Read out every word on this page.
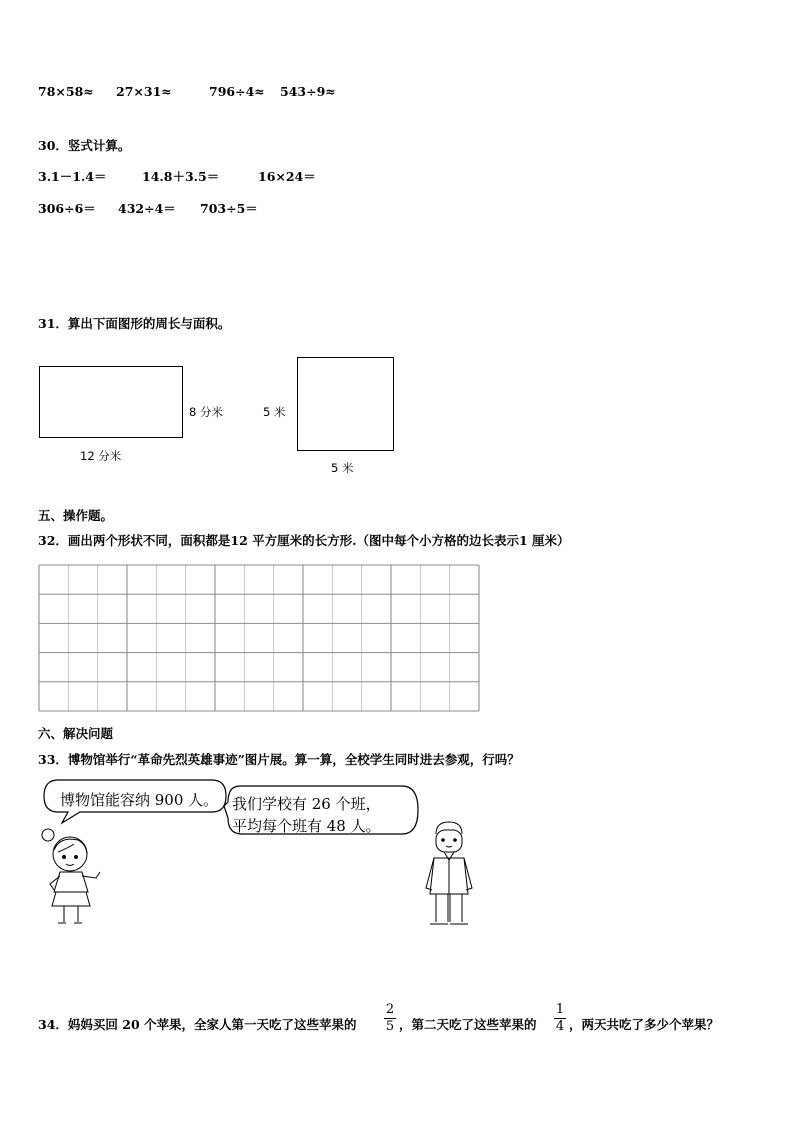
78×58≈ 27×31≈	796÷4≈ 543÷9≈
30．竖式计算。
3.1－1.4＝	14.8＋3.5＝	16×24＝
306÷6＝ 432÷4＝ 703÷5＝
31．算出下面图形的周长与面积。
8 分米
12 分米
5 米
5 米
五、操作题。
32．画出两个形状不同，面积都是12 平方厘米的长方形.（图中每个小方格的边长表示1 厘米）
六、解决问题
33．博物馆举行“革命先烈英雄事迹”图片展。算一算，全校学生同时进去参观，行吗？
博物馆能容纳 900 人。 我们学校有 26 个班，
平均每个班有 48 人。
34．妈妈买回 20 个苹果，全家人第一天吃了这些苹果的
2
5 ，第二天吃了这些苹果的
1
4 ，两天共吃了多少个苹果？
